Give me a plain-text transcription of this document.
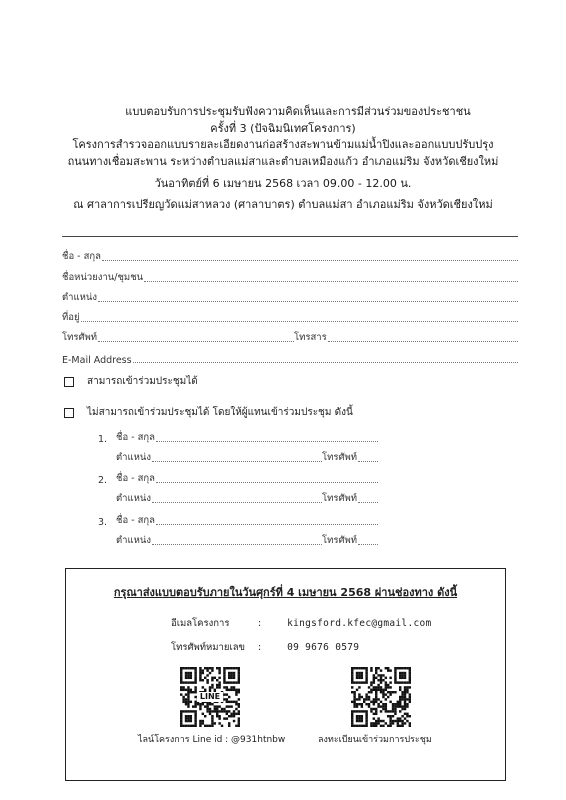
แบบตอบรับการประชุมรับฟังความคิดเห็นและการมีส่วนร่วมของประชาชน
ครั้งที่ 3 (ปัจฉิมนิเทศโครงการ)
โครงการสำรวจออกแบบรายละเอียดงานก่อสร้างสะพานข้ามแม่น้ำปิงและออกแบบปรับปรุง
ถนนทางเชื่อมสะพาน ระหว่างตำบลแม่สาและตำบลเหมืองแก้ว อำเภอแม่ริม จังหวัดเชียงใหม่
วันอาทิตย์ที่ 6 เมษายน 2568 เวลา 09.00 - 12.00 น.
ณ ศาลาการเปรียญวัดแม่สาหลวง (ศาลาบาตร) ตำบลแม่สา อำเภอแม่ริม จังหวัดเชียงใหม่
ชื่อ - สกุล
ชื่อหน่วยงาน/ชุมชน
ตำแหน่ง
ที่อยู่
โทรศัพท์	โทรสาร
E-Mail Address
สามารถเข้าร่วมประชุมได้
ไม่สามารถเข้าร่วมประชุมได้ โดยให้ผู้แทนเข้าร่วมประชุม ดังนี้
1. ชื่อ - สกุล
ตำแหน่ง	โทรศัพท์
2. ชื่อ - สกุล
ตำแหน่ง	โทรศัพท์
3. ชื่อ - สกุล
ตำแหน่ง	โทรศัพท์
กรุณาส่งแบบตอบรับภายในวันศุกร์ที่ 4 เมษายน 2568 ผ่านช่องทาง ดังนี้
อีเมลโครงการ	:	kingsford.kfec@gmail.com
โทรศัพท์หมายเลข :	09 9676 0579
LINE
ไลน์โครงการ Line id : @931htnbw	ลงทะเบียนเข้าร่วมการประชุม
